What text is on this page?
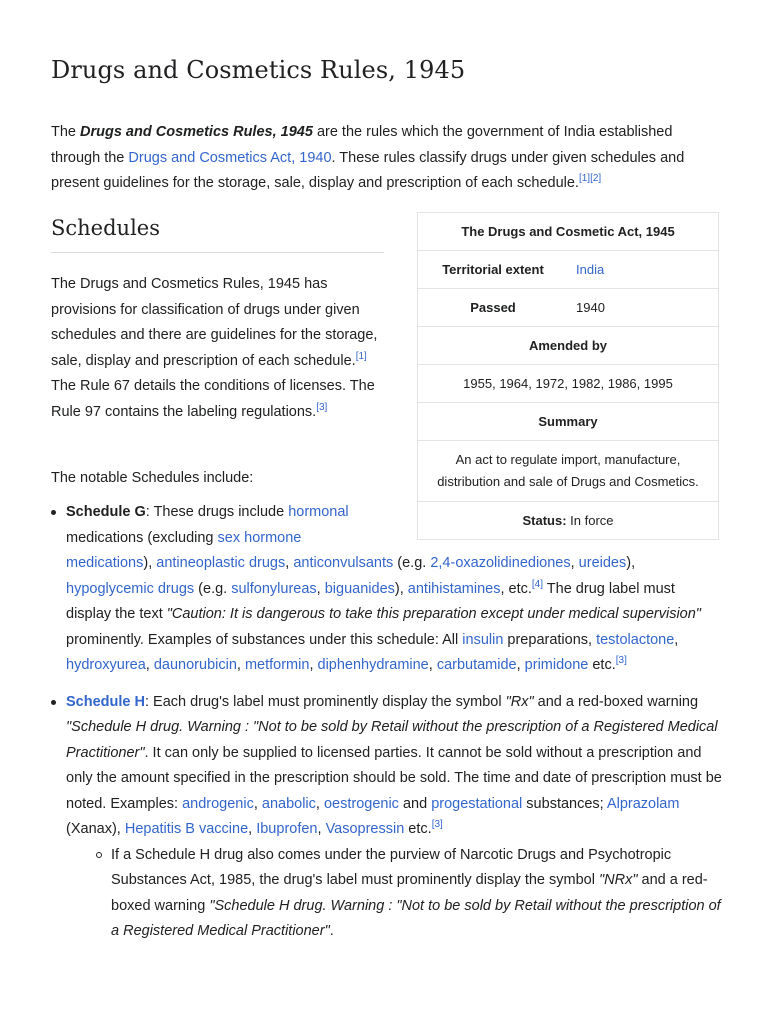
Drugs and Cosmetics Rules, 1945
The Drugs and Cosmetics Rules, 1945 are the rules which the government of India established through the Drugs and Cosmetics Act, 1940. These rules classify drugs under given schedules and present guidelines for the storage, sale, display and prescription of each schedule.[1][2]
Schedules
The Drugs and Cosmetics Rules, 1945 has provisions for classification of drugs under given schedules and there are guidelines for the storage, sale, display and prescription of each schedule.[1] The Rule 67 details the conditions of licenses. The Rule 97 contains the labeling regulations.[3]
The notable Schedules include:
The Drugs and Cosmetic Act, 1945
Territorial extent	India
Passed	1940
Amended by
1955, 1964, 1972, 1982, 1986, 1995
Summary
An act to regulate import, manufacture, distribution and sale of Drugs and Cosmetics.
Status: In force
Schedule G: These drugs include hormonal medications (excluding sex hormone medications), antineoplastic drugs, anticonvulsants (e.g. 2,4-oxazolidinediones, ureides), hypoglycemic drugs (e.g. sulfonylureas, biguanides), antihistamines, etc.[4] The drug label must display the text "Caution: It is dangerous to take this preparation except under medical supervision" prominently. Examples of substances under this schedule: All insulin preparations, testolactone, hydroxyurea, daunorubicin, metformin, diphenhydramine, carbutamide, primidone etc.[3]
Schedule H: Each drug's label must prominently display the symbol "Rx" and a red-boxed warning "Schedule H drug. Warning : "Not to be sold by Retail without the prescription of a Registered Medical Practitioner". It can only be supplied to licensed parties. It cannot be sold without a prescription and only the amount specified in the prescription should be sold. The time and date of prescription must be noted. Examples: androgenic, anabolic, oestrogenic and progestational substances; Alprazolam (Xanax), Hepatitis B vaccine, Ibuprofen, Vasopressin etc.[3]
If a Schedule H drug also comes under the purview of Narcotic Drugs and Psychotropic Substances Act, 1985, the drug's label must prominently display the symbol "NRx" and a red-boxed warning "Schedule H drug. Warning : "Not to be sold by Retail without the prescription of a Registered Medical Practitioner".
